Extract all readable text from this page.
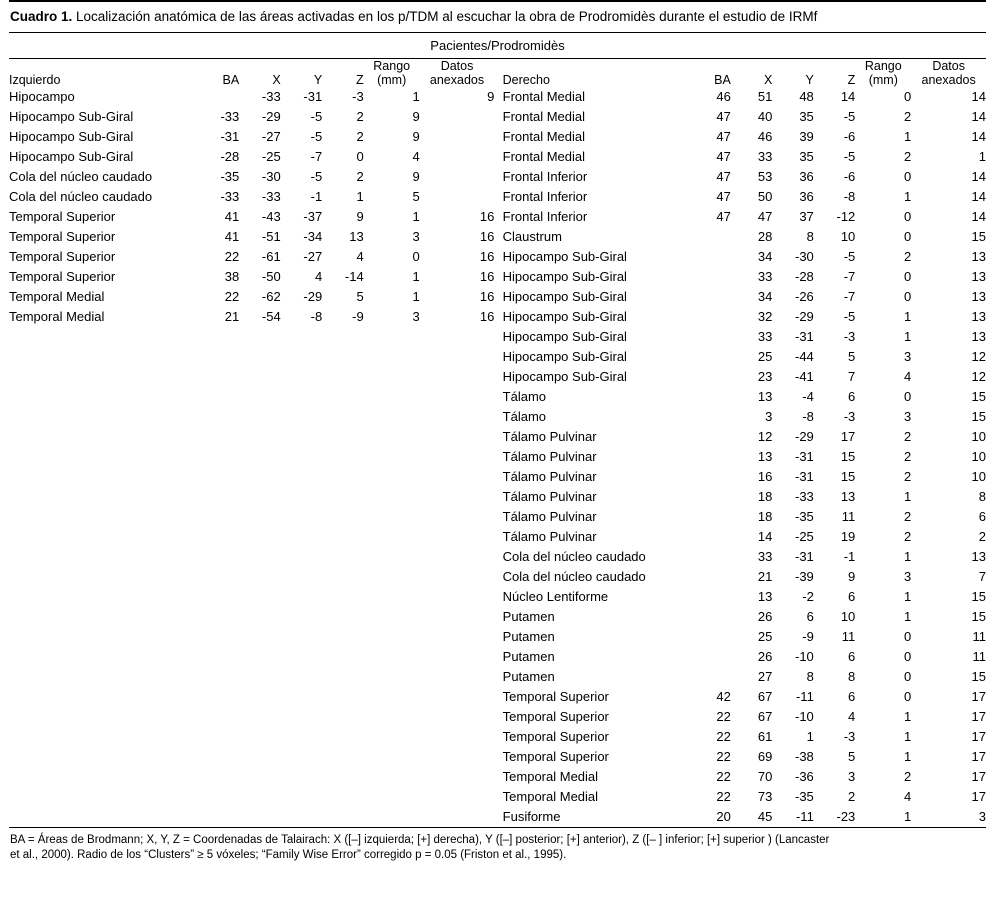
Cuadro 1. Localización anatómica de las áreas activadas en los p/TDM al escuchar la obra de Prodromidès durante el estudio de IRMf
Pacientes/Prodromidès
Izquierdo	BA	X	Y	Z	Rango
(mm)	Datos
anexados		Derecho	BA	X	Y	Z	Rango
(mm)	Datos
anexados

Hipocampo		-33	-31	-3	1	9		Frontal Medial	46	51	48	14	0	14
Hipocampo Sub-Giral	-33	-29	-5	2	9			Frontal Medial	47	40	35	-5	2	14
Hipocampo Sub-Giral	-31	-27	-5	2	9			Frontal Medial	47	46	39	-6	1	14
Hipocampo Sub-Giral	-28	-25	-7	0	4			Frontal Medial	47	33	35	-5	2	1
Cola del núcleo caudado	-35	-30	-5	2	9			Frontal Inferior	47	53	36	-6	0	14
Cola del núcleo caudado	-33	-33	-1	1	5			Frontal Inferior	47	50	36	-8	1	14
Temporal Superior	41	-43	-37	9	1	16		Frontal Inferior	47	47	37	-12	0	14
Temporal Superior	41	-51	-34	13	3	16		Claustrum		28	8	10	0	15
Temporal Superior	22	-61	-27	4	0	16		Hipocampo Sub-Giral		34	-30	-5	2	13
Temporal Superior	38	-50	4	-14	1	16		Hipocampo Sub-Giral		33	-28	-7	0	13
Temporal Medial	22	-62	-29	5	1	16		Hipocampo Sub-Giral		34	-26	-7	0	13
Temporal Medial	21	-54	-8	-9	3	16		Hipocampo Sub-Giral		32	-29	-5	1	13
								Hipocampo Sub-Giral		33	-31	-3	1	13
								Hipocampo Sub-Giral		25	-44	5	3	12
								Hipocampo Sub-Giral		23	-41	7	4	12
								Tálamo		13	-4	6	0	15
								Tálamo		3	-8	-3	3	15
								Tálamo Pulvinar		12	-29	17	2	10
								Tálamo Pulvinar		13	-31	15	2	10
								Tálamo Pulvinar		16	-31	15	2	10
								Tálamo Pulvinar		18	-33	13	1	8
								Tálamo Pulvinar		18	-35	11	2	6
								Tálamo Pulvinar		14	-25	19	2	2
								Cola del núcleo caudado		33	-31	-1	1	13
								Cola del núcleo caudado		21	-39	9	3	7
								Núcleo Lentiforme		13	-2	6	1	15
								Putamen		26	6	10	1	15
								Putamen		25	-9	11	0	11
								Putamen		26	-10	6	0	11
								Putamen		27	8	8	0	15
								Temporal Superior	42	67	-11	6	0	17
								Temporal Superior	22	67	-10	4	1	17
								Temporal Superior	22	61	1	-3	1	17
								Temporal Superior	22	69	-38	5	1	17
								Temporal Medial	22	70	-36	3	2	17
								Temporal Medial	22	73	-35	2	4	17
								Fusiforme	20	45	-11	-23	1	3
BA = Áreas de Brodmann; X, Y, Z = Coordenadas de Talairach: X ([–] izquierda; [+] derecha), Y ([–] posterior; [+] anterior), Z ([– ] inferior; [+] superior ) (Lancaster
et al., 2000). Radio de los “Clusters” ≥ 5 vóxeles; “Family Wise Error” corregido p = 0.05 (Friston et al., 1995).
